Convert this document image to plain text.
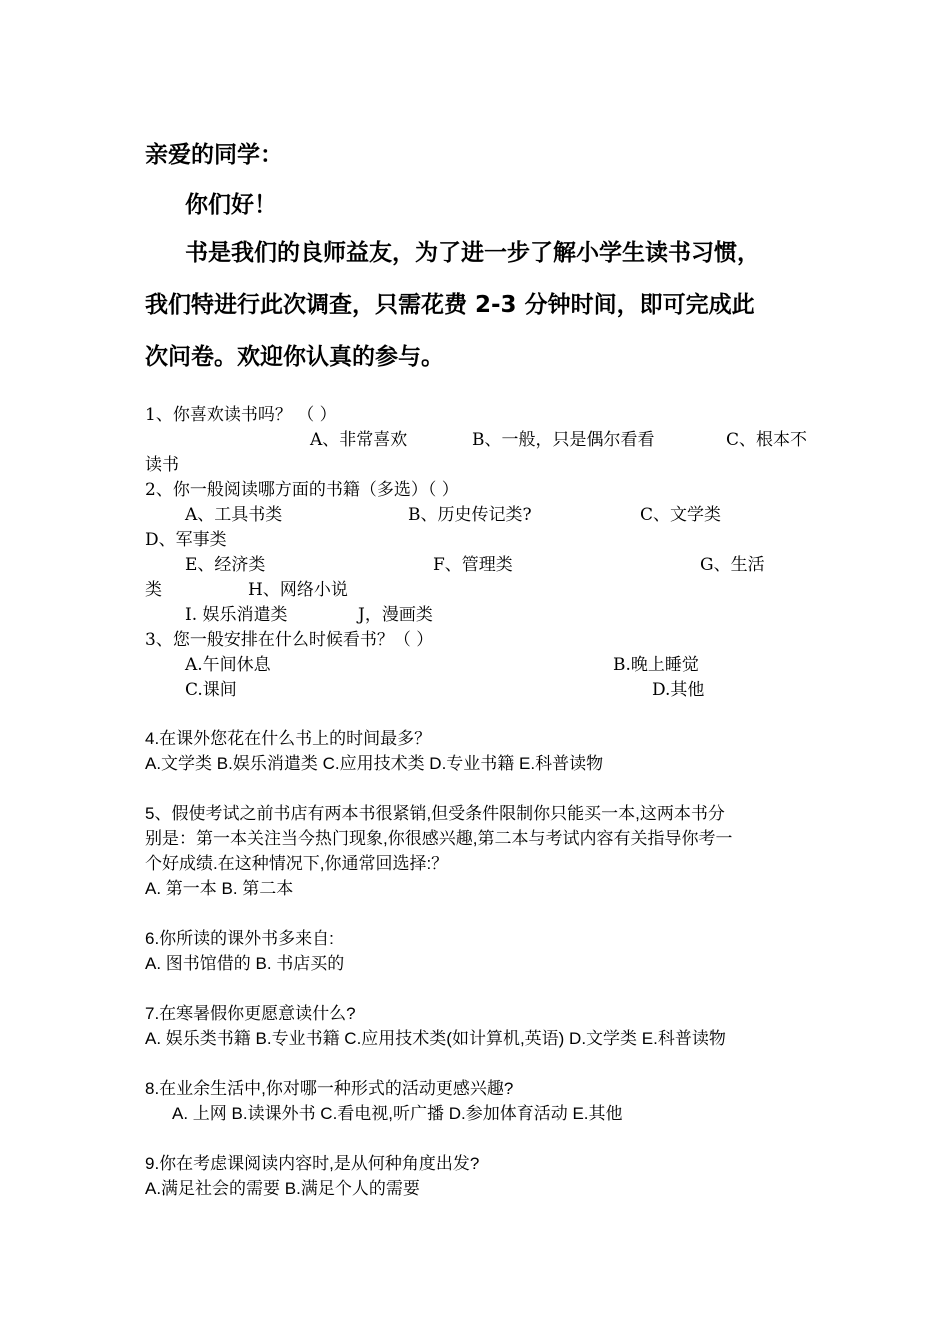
亲爱的同学：
你们好！
书是我们的良师益友，为了进一步了解小学生读书习惯，
我们特进行此次调查，只需花费 2-3 分钟时间，即可完成此
次问卷。欢迎你认真的参与。
1、你喜欢读书吗？ （ ）
A、非常喜欢	B、一般，只是偶尔看看	C、根本不
读书
2、你一般阅读哪方面的书籍（多选）（ ）
A、工具书类	B、历史传记类?	C、文学类
D、军事类
E、经济类	F、管理类	G、生活
类	H、网络小说
I. 娱乐消遣类	J，漫画类
3、您一般安排在什么时候看书？（ ）
A.午间休息	B.晚上睡觉
C.课间	D.其他
4.在课外您花在什么书上的时间最多？
A.文学类 B.娱乐消遣类 C.应用技术类 D.专业书籍 E.科普读物
5、假使考试之前书店有两本书很紧销,但受条件限制你只能买一本,这两本书分
别是：第一本关注当今热门现象,你很感兴趣,第二本与考试内容有关指导你考一
个好成绩.在这种情况下,你通常回选择:？
A. 第一本 B. 第二本
6.你所读的课外书多来自:
A. 图书馆借的 B. 书店买的
7.在寒暑假你更愿意读什么?
A. 娱乐类书籍 B.专业书籍 C.应用技术类(如计算机,英语) D.文学类 E.科普读物
8.在业余生活中,你对哪一种形式的活动更感兴趣?
A. 上网 B.读课外书 C.看电视,听广播 D.参加体育活动 E.其他
9.你在考虑课阅读内容时,是从何种角度出发?
A.满足社会的需要 B.满足个人的需要
